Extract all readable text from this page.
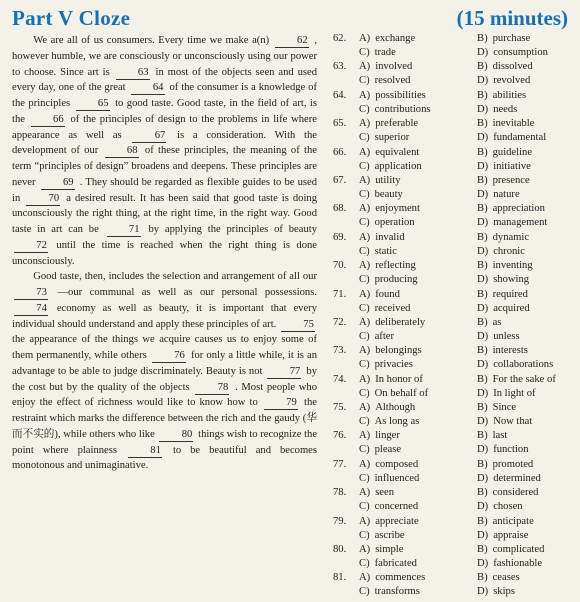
Part V Cloze	(15 minutes)

We are all of us consumers. Every time we make a(n)	62 , however humble, we are consciously or unconsciously using our power to choose. Since art is	63 in most of the objects seen and used every day, one of the great	64 of the consumer is a knowledge of the principles	65 to good taste. Good taste, in the field of art, is the	66 of the principles of design to the problems in life where appearance as well as	67 is a consideration. With the development of our	68 of these principles, the meaning of the term “principles of design” broadens and deepens. These principles are never	69 . They should be regarded as flexible guides to be used in	70 a desired result. It has been said that good taste is doing unconsciously the right thing, at the right time, in the right way. Good taste in art can be	71 by applying the principles of beauty 72 until the time is reached when the right thing is done unconsciously.

Good taste, then, includes the selection and arrangement of all our 73 —our communal as well as our personal possessions. 74 economy as well as beauty, it is important that every individual should understand and apply these principles of art.	75 the appearance of the things we acquire causes us to enjoy some of them permanently, while others	76 for only a little while, it is an advantage to be able to judge discriminately. Beauty is not	77 by the cost but by the quality of the objects	78 . Most people who enjoy the effect of richness would like to know how to	79 the restraint which marks the difference between the rich and the gaudy (华而不实的), while others who like	80 things wish to recognize the point where plainness	81 to be beautiful and becomes monotonous and unimaginative.

62. A) exchange	B) purchase
C) trade	D) consumption
63. A) involved	B) dissolved
C) resolved	D) revolved
64. A) possibilities	B) abilities
C) contributions	D) needs
65. A) preferable	B) inevitable
C) superior	D) fundamental
66. A) equivalent	B) guideline
C) application	D) initiative
67. A) utility	B) presence
C) beauty	D) nature
68. A) enjoyment	B) appreciation
C) operation	D) management
69. A) invalid	B) dynamic
C) static	D) chronic
70. A) reflecting	B) inventing
C) producing	D) showing
71. A) found	B) required
C) received	D) acquired
72. A) deliberately	B) as
C) after	D) unless
73. A) belongings	B) interests
C) privacies	D) collaborations
74. A) In honor of	B) For the sake of
C) On behalf of	D) In light of
75. A) Although	B) Since
C) As long as	D) Now that
76. A) linger	B) last
C) please	D) function
77. A) composed	B) promoted
C) influenced	D) determined
78. A) seen	B) considered
C) concerned	D) chosen
79. A) appreciate	B) anticipate
C) ascribe	D) appraise
80. A) simple	B) complicated
C) fabricated	D) fashionable
81. A) commences	B) ceases
C) transforms	D) skips
